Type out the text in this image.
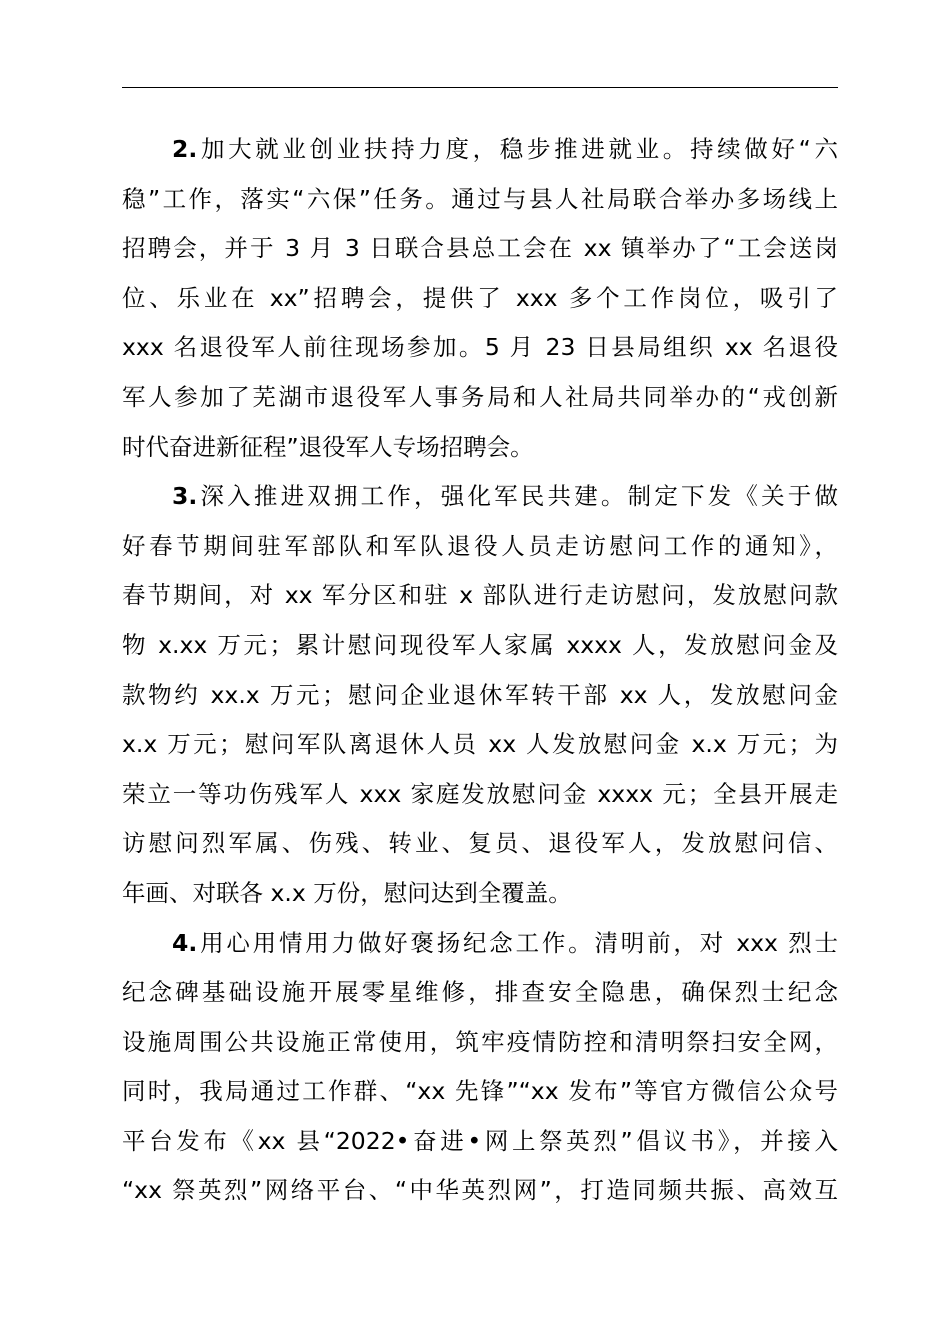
2.加大就业创业扶持力度，稳步推进就业。持续做好“六
稳”工作，落实“六保”任务。通过与县人社局联合举办多场线上
招聘会，并于 3 月 3 日联合县总工会在 xx 镇举办了“工会送岗
位、乐业在 xx”招聘会，提供了 xxx 多个工作岗位，吸引了
xxx 名退役军人前往现场参加。5 月 23 日县局组织 xx 名退役
军人参加了芜湖市退役军人事务局和人社局共同举办的“戎创新
时代奋进新征程”退役军人专场招聘会。
3.深入推进双拥工作，强化军民共建。制定下发《关于做
好春节期间驻军部队和军队退役人员走访慰问工作的通知》，
春节期间，对 xx 军分区和驻 x 部队进行走访慰问，发放慰问款
物 x.xx 万元；累计慰问现役军人家属 xxxx 人，发放慰问金及
款物约 xx.x 万元；慰问企业退休军转干部 xx 人，发放慰问金
x.x 万元；慰问军队离退休人员 xx 人发放慰问金 x.x 万元；为
荣立一等功伤残军人 xxx 家庭发放慰问金 xxxx 元；全县开展走
访慰问烈军属、伤残、转业、复员、退役军人，发放慰问信、
年画、对联各 x.x 万份，慰问达到全覆盖。
4.用心用情用力做好褒扬纪念工作。清明前，对 xxx 烈士
纪念碑基础设施开展零星维修，排查安全隐患，确保烈士纪念
设施周围公共设施正常使用，筑牢疫情防控和清明祭扫安全网，
同时，我局通过工作群、“xx 先锋”“xx 发布”等官方微信公众号
平台发布《xx 县“2022•奋进•网上祭英烈”倡议书》，并接入
“xx 祭英烈”网络平台、“中华英烈网”，打造同频共振、高效互
